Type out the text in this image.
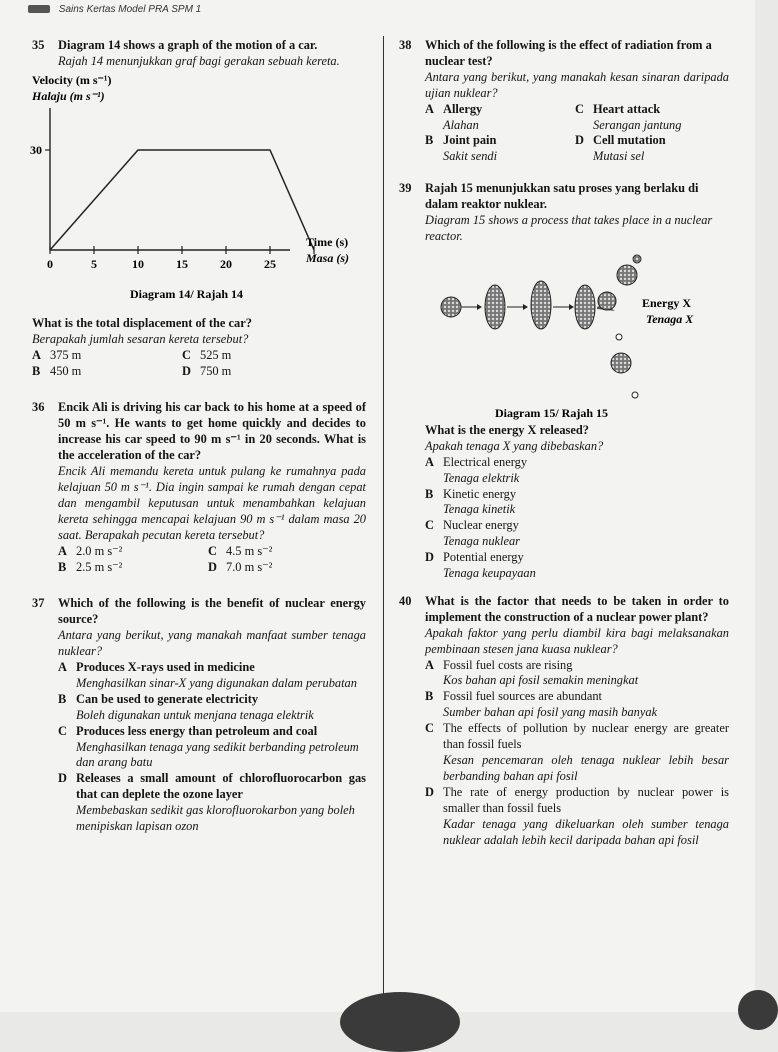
Sains Kertas Model PRA SPM 1
35 Diagram 14 shows a graph of the motion of a car.
Rajah 14 menunjukkan graf bagi gerakan sebuah kereta.
Velocity (m s⁻¹)
Halaju (m s⁻¹)
30
0	5	10	15	20	25
Time (s)
Masa (s)
Diagram 14/ Rajah 14
What is the total displacement of the car?
Berapakah jumlah sesaran kereta tersebut?
A 375 m	C 525 m
B 450 m	D 750 m
36 Encik Ali is driving his car back to his home at a speed of 50 m s⁻¹. He wants to get home quickly and decides to increase his car speed to 90 m s⁻¹ in 20 seconds. What is the acceleration of the car?
Encik Ali memandu kereta untuk pulang ke rumahnya pada kelajuan 50 m s⁻¹. Dia ingin sampai ke rumah dengan cepat dan mengambil keputusan untuk menambahkan kelajuan kereta sehingga mencapai kelajuan 90 m s⁻¹ dalam masa 20 saat. Berapakah pecutan kereta tersebut?
A 2.0 m s⁻²	C 4.5 m s⁻²
B 2.5 m s⁻²	D 7.0 m s⁻²
37 Which of the following is the benefit of nuclear energy source?
Antara yang berikut, yang manakah manfaat sumber tenaga nuklear?
A Produces X-rays used in medicine
Menghasilkan sinar-X yang digunakan dalam perubatan
B Can be used to generate electricity
Boleh digunakan untuk menjana tenaga elektrik
C Produces less energy than petroleum and coal
Menghasilkan tenaga yang sedikit berbanding petroleum dan arang batu
D Releases a small amount of chlorofluorocarbon gas that can deplete the ozone layer
Membebaskan sedikit gas klorofluorokarbon yang boleh menipiskan lapisan ozon
38 Which of the following is the effect of radiation from a nuclear test?
Antara yang berikut, yang manakah kesan sinaran daripada ujian nuklear?
A Allergy
Alahan
C Heart attack
Serangan jantung
B Joint pain
Sakit sendi
D Cell mutation
Mutasi sel
39 Rajah 15 menunjukkan satu proses yang berlaku di dalam reaktor nuklear.
Diagram 15 shows a process that takes place in a nuclear reactor.
Energy X
Tenaga X
Diagram 15/ Rajah 15
What is the energy X released?
Apakah tenaga X yang dibebaskan?
A Electrical energy
Tenaga elektrik
B Kinetic energy
Tenaga kinetik
C Nuclear energy
Tenaga nuklear
D Potential energy
Tenaga keupayaan
40 What is the factor that needs to be taken in order to implement the construction of a nuclear power plant?
Apakah faktor yang perlu diambil kira bagi melaksanakan pembinaan stesen jana kuasa nuklear?
A Fossil fuel costs are rising
Kos bahan api fosil semakin meningkat
B Fossil fuel sources are abundant
Sumber bahan api fosil yang masih banyak
C The effects of pollution by nuclear energy are greater than fossil fuels
Kesan pencemaran oleh tenaga nuklear lebih besar berbanding bahan api fosil
D The rate of energy production by nuclear power is smaller than fossil fuels
Kadar tenaga yang dikeluarkan oleh sumber tenaga nuklear adalah lebih kecil daripada bahan api fosil
